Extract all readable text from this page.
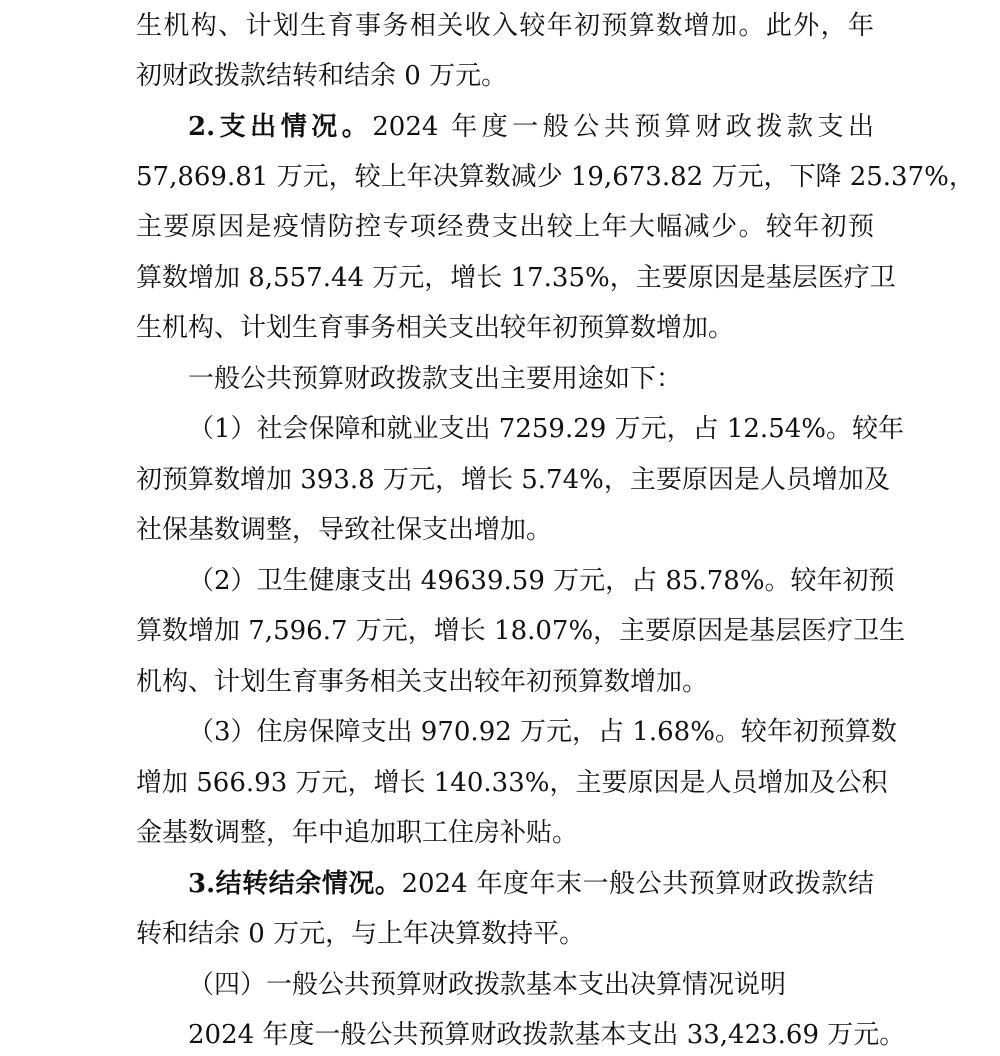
生机构、计划生育事务相关收入较年初预算数增加。此外，年
初财政拨款结转和结余 0 万元。
2.支出情况。2024 年度一般公共预算财政拨款支出
57,869.81 万元，较上年决算数减少 19,673.82 万元，下降 25.37%，
主要原因是疫情防控专项经费支出较上年大幅减少。较年初预
算数增加 8,557.44 万元，增长 17.35%，主要原因是基层医疗卫
生机构、计划生育事务相关支出较年初预算数增加。
一般公共预算财政拨款支出主要用途如下：
（1）社会保障和就业支出 7259.29 万元，占 12.54%。较年
初预算数增加 393.8 万元，增长 5.74%，主要原因是人员增加及
社保基数调整，导致社保支出增加。
（2）卫生健康支出 49639.59 万元，占 85.78%。较年初预
算数增加 7,596.7 万元，增长 18.07%，主要原因是基层医疗卫生
机构、计划生育事务相关支出较年初预算数增加。
（3）住房保障支出 970.92 万元，占 1.68%。较年初预算数
增加 566.93 万元，增长 140.33%，主要原因是人员增加及公积
金基数调整，年中追加职工住房补贴。
3.结转结余情况。2024 年度年末一般公共预算财政拨款结
转和结余 0 万元，与上年决算数持平。
（四）一般公共预算财政拨款基本支出决算情况说明
2024 年度一般公共预算财政拨款基本支出 33,423.69 万元。
